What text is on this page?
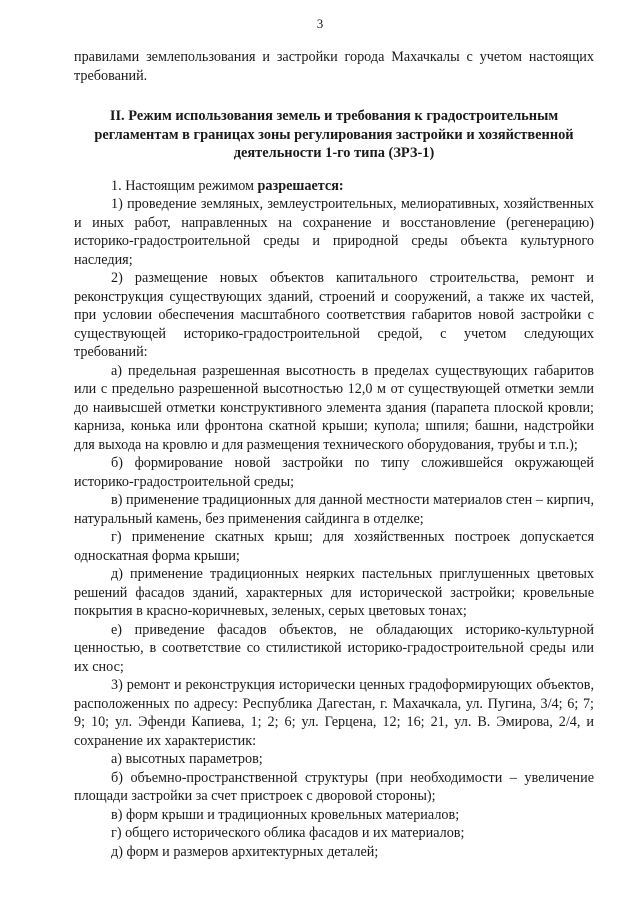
3

правилами землепользования и застройки города Махачкалы с учетом настоящих требований.

II. Режим использования земель и требования к градостроительным регламентам в границах зоны регулирования застройки и хозяйственной деятельности 1-го типа (ЗРЗ-1)

1. Настоящим режимом разрешается:

1) проведение земляных, землеустроительных, мелиоративных, хозяйственных и иных работ, направленных на сохранение и восстановление (регенерацию) историко-градостроительной среды и природной среды объекта культурного наследия;

2) размещение новых объектов капитального строительства, ремонт и реконструкция существующих зданий, строений и сооружений, а также их частей, при условии обеспечения масштабного соответствия габаритов новой застройки с существующей историко-градостроительной средой, с учетом следующих требований:

а) предельная разрешенная высотность в пределах существующих габаритов или с предельно разрешенной высотностью 12,0 м от существующей отметки земли до наивысшей отметки конструктивного элемента здания (парапета плоской кровли; карниза, конька или фронтона скатной крыши; купола; шпиля; башни, надстройки для выхода на кровлю и для размещения технического оборудования, трубы и т.п.);

б) формирование новой застройки по типу сложившейся окружающей историко-градостроительной среды;

в) применение традиционных для данной местности материалов стен – кирпич, натуральный камень, без применения сайдинга в отделке;

г) применение скатных крыш; для хозяйственных построек допускается односкатная форма крыши;

д) применение традиционных неярких пастельных приглушенных цветовых решений фасадов зданий, характерных для исторической застройки; кровельные покрытия в красно-коричневых, зеленых, серых цветовых тонах;

е) приведение фасадов объектов, не обладающих историко-культурной ценностью, в соответствие со стилистикой историко-градостроительной среды или их снос;

3) ремонт и реконструкция исторически ценных градоформирующих объектов, расположенных по адресу: Республика Дагестан, г. Махачкала, ул. Пугина, 3/4; 6; 7; 9; 10; ул. Эфенди Капиева, 1; 2; 6; ул. Герцена, 12; 16; 21, ул. В. Эмирова, 2/4, и сохранение их характеристик:

а) высотных параметров;

б) объемно-пространственной структуры (при необходимости – увеличение площади застройки за счет пристроек с дворовой стороны);

в) форм крыши и традиционных кровельных материалов;

г) общего исторического облика фасадов и их материалов;

д) форм и размеров архитектурных деталей;
